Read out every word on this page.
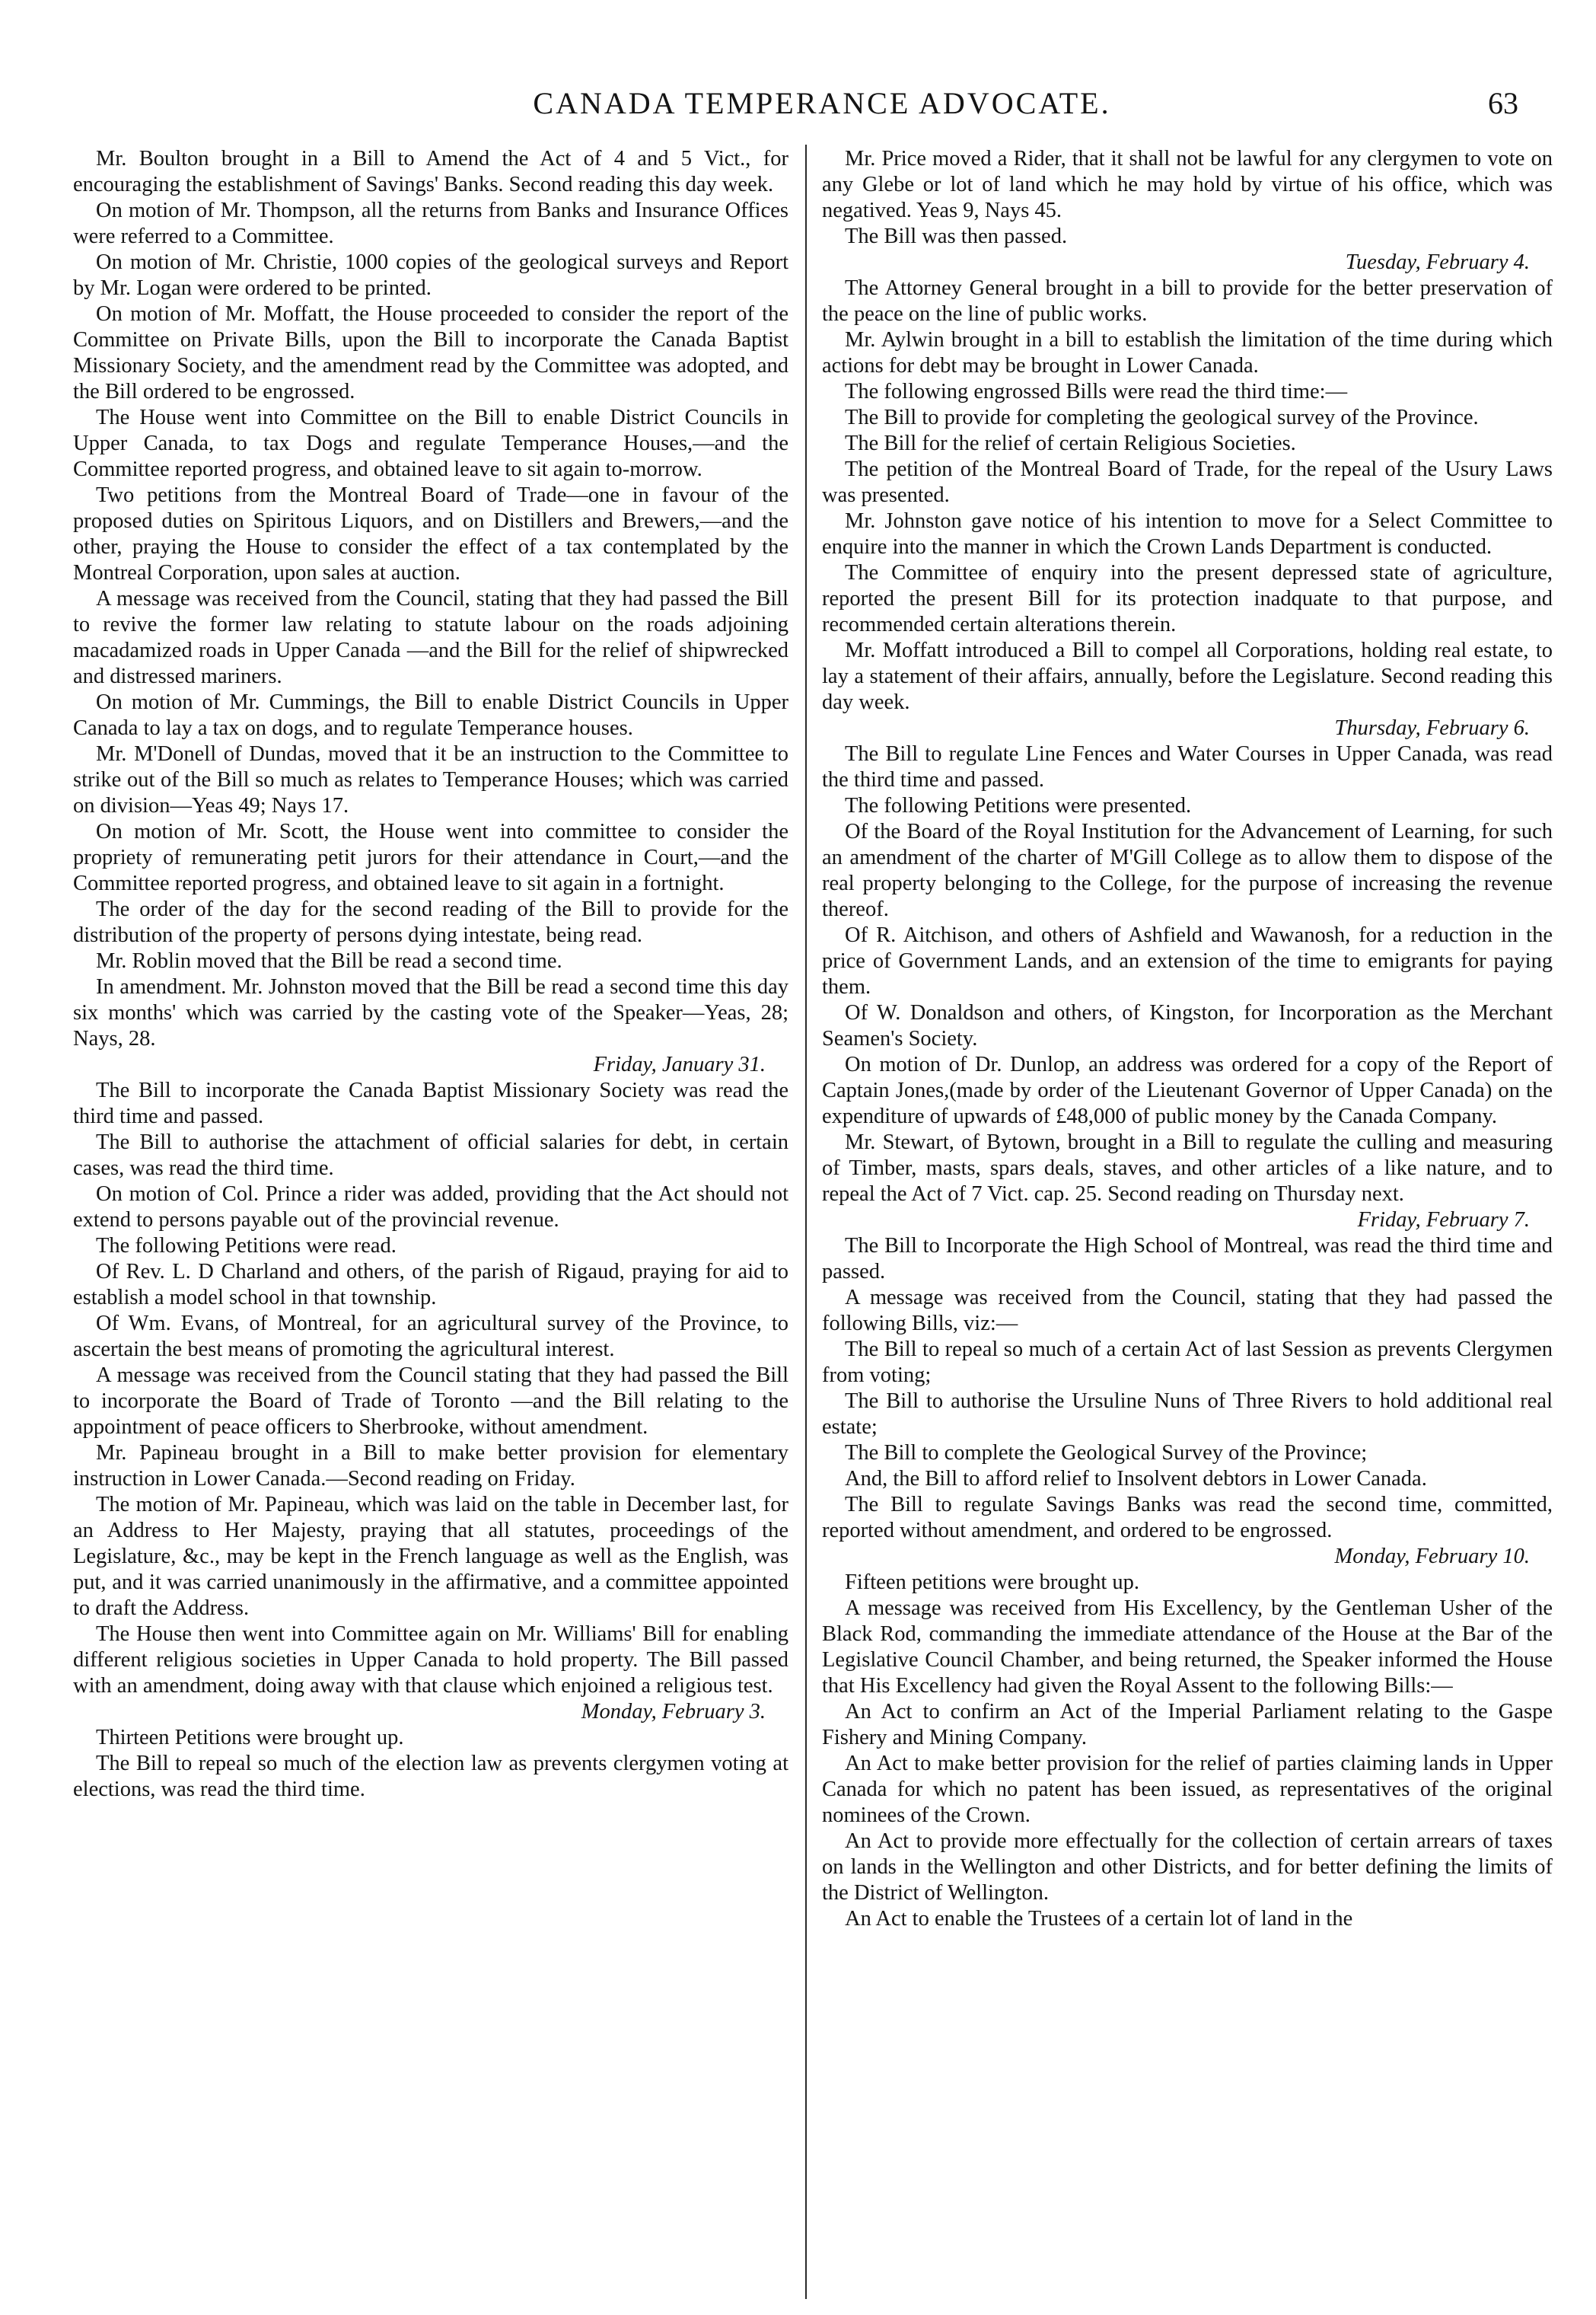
CANADA TEMPERANCE ADVOCATE.	63

Mr. Boulton brought in a Bill to Amend the Act of 4 and 5 Vict., for encouraging the establishment of Savings' Banks. Second reading this day week.

On motion of Mr. Thompson, all the returns from Banks and Insurance Offices were referred to a Committee.

On motion of Mr. Christie, 1000 copies of the geological surveys and Report by Mr. Logan were ordered to be printed.

On motion of Mr. Moffatt, the House proceeded to consider the report of the Committee on Private Bills, upon the Bill to incorporate the Canada Baptist Missionary Society, and the amendment read by the Committee was adopted, and the Bill ordered to be engrossed.

The House went into Committee on the Bill to enable District Councils in Upper Canada, to tax Dogs and regulate Temperance Houses,—and the Committee reported progress, and obtained leave to sit again to-morrow.

Two petitions from the Montreal Board of Trade—one in favour of the proposed duties on Spiritous Liquors, and on Distillers and Brewers,—and the other, praying the House to consider the effect of a tax contemplated by the Montreal Corporation, upon sales at auction.

A message was received from the Council, stating that they had passed the Bill to revive the former law relating to statute labour on the roads adjoining macadamized roads in Upper Canada —and the Bill for the relief of shipwrecked and distressed mariners.

On motion of Mr. Cummings, the Bill to enable District Councils in Upper Canada to lay a tax on dogs, and to regulate Temperance houses.

Mr. M'Donell of Dundas, moved that it be an instruction to the Committee to strike out of the Bill so much as relates to Temperance Houses; which was carried on division—Yeas 49; Nays 17.

On motion of Mr. Scott, the House went into committee to consider the propriety of remunerating petit jurors for their attendance in Court,—and the Committee reported progress, and obtained leave to sit again in a fortnight.

The order of the day for the second reading of the Bill to provide for the distribution of the property of persons dying intestate, being read.

Mr. Roblin moved that the Bill be read a second time.

In amendment. Mr. Johnston moved that the Bill be read a second time this day six months' which was carried by the casting vote of the Speaker—Yeas, 28; Nays, 28.

Friday, January 31.

The Bill to incorporate the Canada Baptist Missionary Society was read the third time and passed.

The Bill to authorise the attachment of official salaries for debt, in certain cases, was read the third time.

On motion of Col. Prince a rider was added, providing that the Act should not extend to persons payable out of the provincial revenue.

The following Petitions were read.

Of Rev. L. D Charland and others, of the parish of Rigaud, praying for aid to establish a model school in that township.

Of Wm. Evans, of Montreal, for an agricultural survey of the Province, to ascertain the best means of promoting the agricultural interest.

A message was received from the Council stating that they had passed the Bill to incorporate the Board of Trade of Toronto —and the Bill relating to the appointment of peace officers to Sherbrooke, without amendment.

Mr. Papineau brought in a Bill to make better provision for elementary instruction in Lower Canada.—Second reading on Friday.

The motion of Mr. Papineau, which was laid on the table in December last, for an Address to Her Majesty, praying that all statutes, proceedings of the Legislature, &c., may be kept in the French language as well as the English, was put, and it was carried unanimously in the affirmative, and a committee appointed to draft the Address.

The House then went into Committee again on Mr. Williams' Bill for enabling different religious societies in Upper Canada to hold property. The Bill passed with an amendment, doing away with that clause which enjoined a religious test.

Monday, February 3.

Thirteen Petitions were brought up.

The Bill to repeal so much of the election law as prevents clergymen voting at elections, was read the third time.

Mr. Price moved a Rider, that it shall not be lawful for any clergymen to vote on any Glebe or lot of land which he may hold by virtue of his office, which was negatived. Yeas 9, Nays 45.

The Bill was then passed.

Tuesday, February 4.

The Attorney General brought in a bill to provide for the better preservation of the peace on the line of public works.

Mr. Aylwin brought in a bill to establish the limitation of the time during which actions for debt may be brought in Lower Canada.

The following engrossed Bills were read the third time:—

The Bill to provide for completing the geological survey of the Province.

The Bill for the relief of certain Religious Societies.

The petition of the Montreal Board of Trade, for the repeal of the Usury Laws was presented.

Mr. Johnston gave notice of his intention to move for a Select Committee to enquire into the manner in which the Crown Lands Department is conducted.

The Committee of enquiry into the present depressed state of agriculture, reported the present Bill for its protection inadquate to that purpose, and recommended certain alterations therein.

Mr. Moffatt introduced a Bill to compel all Corporations, holding real estate, to lay a statement of their affairs, annually, before the Legislature. Second reading this day week.

Thursday, February 6.

The Bill to regulate Line Fences and Water Courses in Upper Canada, was read the third time and passed.

The following Petitions were presented.

Of the Board of the Royal Institution for the Advancement of Learning, for such an amendment of the charter of M'Gill College as to allow them to dispose of the real property belonging to the College, for the purpose of increasing the revenue thereof.

Of R. Aitchison, and others of Ashfield and Wawanosh, for a reduction in the price of Government Lands, and an extension of the time to emigrants for paying them.

Of W. Donaldson and others, of Kingston, for Incorporation as the Merchant Seamen's Society.

On motion of Dr. Dunlop, an address was ordered for a copy of the Report of Captain Jones,(made by order of the Lieutenant Governor of Upper Canada) on the expenditure of upwards of £48,000 of public money by the Canada Company.

Mr. Stewart, of Bytown, brought in a Bill to regulate the culling and measuring of Timber, masts, spars deals, staves, and other articles of a like nature, and to repeal the Act of 7 Vict. cap. 25. Second reading on Thursday next.

Friday, February 7.

The Bill to Incorporate the High School of Montreal, was read the third time and passed.

A message was received from the Council, stating that they had passed the following Bills, viz:—

The Bill to repeal so much of a certain Act of last Session as prevents Clergymen from voting;

The Bill to authorise the Ursuline Nuns of Three Rivers to hold additional real estate;

The Bill to complete the Geological Survey of the Province;

And, the Bill to afford relief to Insolvent debtors in Lower Canada.

The Bill to regulate Savings Banks was read the second time, committed, reported without amendment, and ordered to be engrossed.

Monday, February 10.

Fifteen petitions were brought up.

A message was received from His Excellency, by the Gentleman Usher of the Black Rod, commanding the immediate attendance of the House at the Bar of the Legislative Council Chamber, and being returned, the Speaker informed the House that His Excellency had given the Royal Assent to the following Bills:—

An Act to confirm an Act of the Imperial Parliament relating to the Gaspe Fishery and Mining Company.

An Act to make better provision for the relief of parties claiming lands in Upper Canada for which no patent has been issued, as representatives of the original nominees of the Crown.

An Act to provide more effectually for the collection of certain arrears of taxes on lands in the Wellington and other Districts, and for better defining the limits of the District of Wellington.

An Act to enable the Trustees of a certain lot of land in the
